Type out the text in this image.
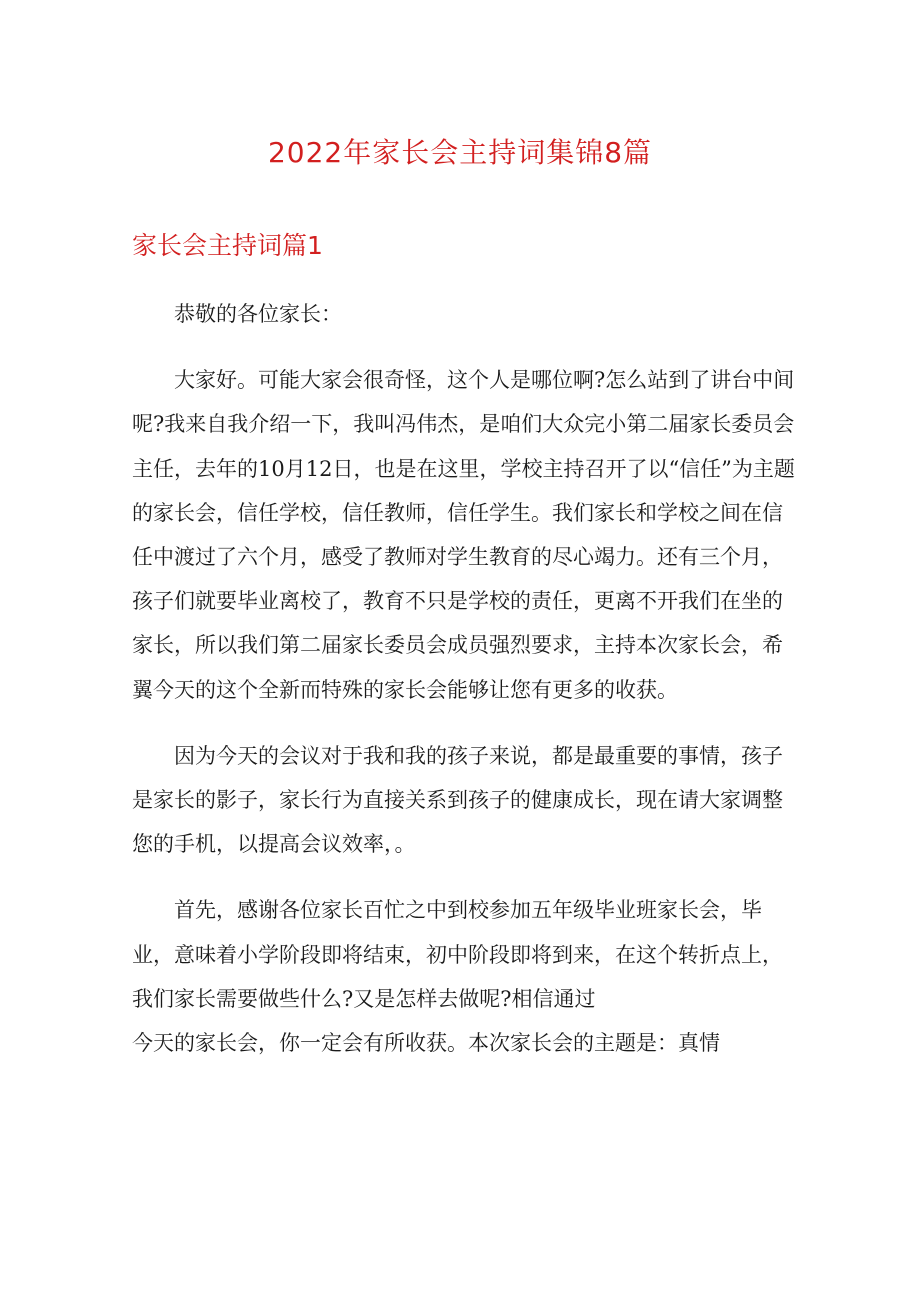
2022年家长会主持词集锦8篇
家长会主持词篇1

恭敬的各位家长：

大家好。可能大家会很奇怪，这个人是哪位啊?怎么站到了讲台中间呢?我来自我介绍一下，我叫冯伟杰，是咱们大众完小第二届家长委员会主任，去年的10月12日，也是在这里，学校主持召开了以“信任”为主题的家长会，信任学校，信任教师，信任学生。我们家长和学校之间在信任中渡过了六个月，感受了教师对学生教育的尽心竭力。还有三个月，孩子们就要毕业离校了，教育不只是学校的责任，更离不开我们在坐的家长，所以我们第二届家长委员会成员强烈要求，主持本次家长会，希翼今天的这个全新而特殊的家长会能够让您有更多的收获。

因为今天的会议对于我和我的孩子来说，都是最重要的事情，孩子是家长的影子，家长行为直接关系到孩子的健康成长，现在请大家调整您的手机，以提高会议效率，。

首先，感谢各位家长百忙之中到校参加五年级毕业班家长会，毕业，意味着小学阶段即将结束，初中阶段即将到来，在这个转折点上，我们家长需要做些什么?又是怎样去做呢?相信通过

今天的家长会，你一定会有所收获。本次家长会的主题是：真情
